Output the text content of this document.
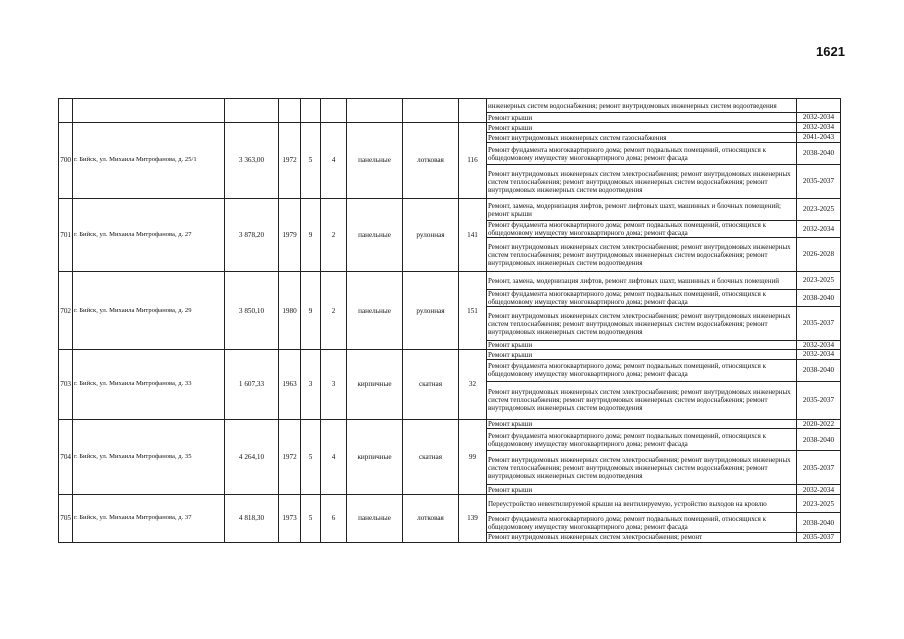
1621
									инженерных систем водоснабжения; ремонт внутридомовых инженерных систем водоотведения	
									Ремонт крыши	2032-2034
700	г. Бийск, ул. Михаила Митрофанова, д. 25/1	3 363,00	1972	5	4	панельные	лотковая	116	Ремонт крыши	2032-2034
									Ремонт внутридомовых инженерных систем газоснабжения	2041-2043
									Ремонт фундамента многоквартирного дома; ремонт подвальных помещений, относящихся к общедомовому имуществу многоквартирного дома; ремонт фасада	2038-2040
									Ремонт внутридомовых инженерных систем электроснабжения; ремонт внутридомовых инженерных систем теплоснабжения; ремонт внутридомовых инженерных систем водоснабжения; ремонт внутридомовых инженерных систем водоотведения	2035-2037
701	г. Бийск, ул. Михаила Митрофанова, д. 27	3 878,20	1979	9	2	панельные	рулонная	141	Ремонт, замена, модернизация лифтов, ремонт лифтовых шахт, машинных и блочных помещений; ремонт крыши	2023-2025
									Ремонт фундамента многоквартирного дома; ремонт подвальных помещений, относящихся к общедомовому имуществу многоквартирного дома; ремонт фасада	2032-2034
									Ремонт внутридомовых инженерных систем электроснабжения; ремонт внутридомовых инженерных систем теплоснабжения; ремонт внутридомовых инженерных систем водоснабжения; ремонт внутридомовых инженерных систем водоотведения	2026-2028
702	г. Бийск, ул. Михаила Митрофанова, д. 29	3 850,10	1980	9	2	панельные	рулонная	151	Ремонт, замена, модернизация лифтов, ремонт лифтовых шахт, машинных и блочных помещений	2023-2025
									Ремонт фундамента многоквартирного дома; ремонт подвальных помещений, относящихся к общедомовому имуществу многоквартирного дома; ремонт фасада	2038-2040
									Ремонт внутридомовых инженерных систем электроснабжения; ремонт внутридомовых инженерных систем теплоснабжения; ремонт внутридомовых инженерных систем водоснабжения; ремонт внутридомовых инженерных систем водоотведения	2035-2037
									Ремонт крыши	2032-2034
703	г. Бийск, ул. Михаила Митрофанова, д. 33	1 607,33	1963	3	3	кирпичные	скатная	32	Ремонт крыши	2032-2034
									Ремонт фундамента многоквартирного дома; ремонт подвальных помещений, относящихся к общедомовому имуществу многоквартирного дома; ремонт фасада	2038-2040
									Ремонт внутридомовых инженерных систем электроснабжения; ремонт внутридомовых инженерных систем теплоснабжения; ремонт внутридомовых инженерных систем водоснабжения; ремонт внутридомовых инженерных систем водоотведения	2035-2037
704	г. Бийск, ул. Михаила Митрофанова, д. 35	4 264,10	1972	5	4	кирпичные	скатная	99	Ремонт крыши	2020-2022
									Ремонт фундамента многоквартирного дома; ремонт подвальных помещений, относящихся к общедомовому имуществу многоквартирного дома; ремонт фасада	2038-2040
									Ремонт внутридомовых инженерных систем электроснабжения; ремонт внутридомовых инженерных систем теплоснабжения; ремонт внутридомовых инженерных систем водоснабжения; ремонт внутридомовых инженерных систем водоотведения	2035-2037
									Ремонт крыши	2032-2034
705	г. Бийск, ул. Михаила Митрофанова, д. 37	4 818,30	1973	5	6	панельные	лотковая	139	Переустройство невентилируемой крыши на вентилируемую, устройство выходов на кровлю	2023-2025
									Ремонт фундамента многоквартирного дома; ремонт подвальных помещений, относящихся к общедомовому имуществу многоквартирного дома; ремонт фасада	2038-2040
									Ремонт внутридомовых инженерных систем электроснабжения; ремонт	2035-2037
